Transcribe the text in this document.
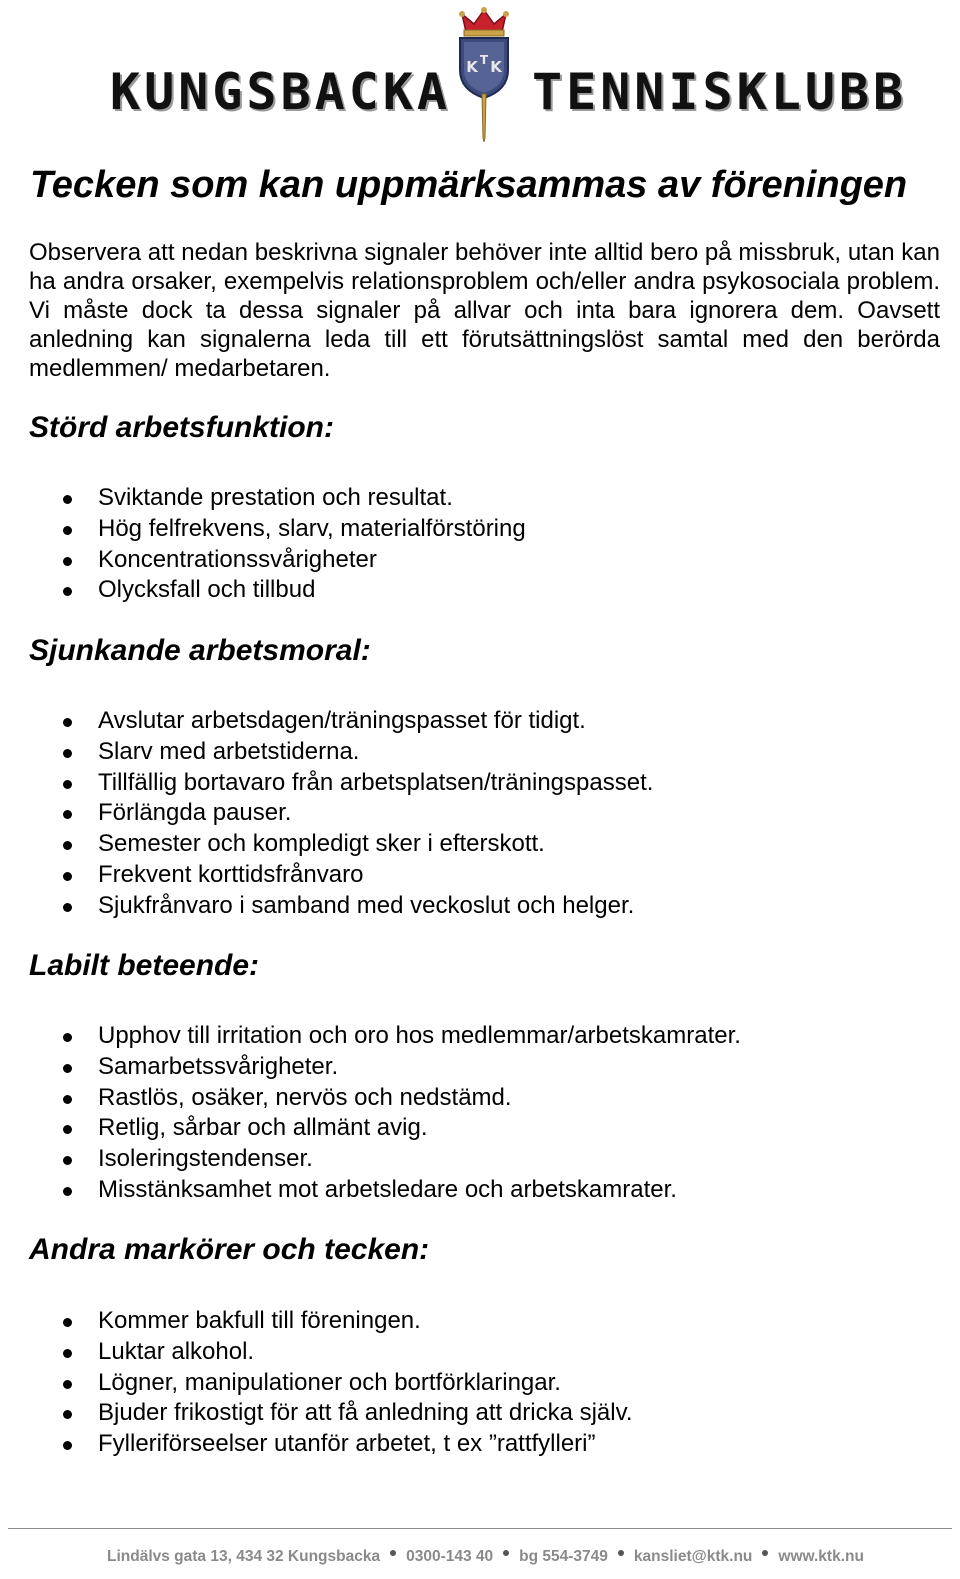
KUNGSBACKA K K
T
TENNISKLUBB
Tecken som kan uppmärksammas av föreningen

Observera att nedan beskrivna signaler behöver inte alltid bero på missbruk, utan kan ha andra orsaker, exempelvis relationsproblem och/eller andra psykosociala problem. Vi måste dock ta dessa signaler på allvar och inta bara ignorera dem. Oavsett anledning kan signalerna leda till ett förutsättningslöst samtal med den berörda medlemmen/ medarbetaren.

Störd arbetsfunktion:
Sviktande prestation och resultat.
Hög felfrekvens, slarv, materialförstöring
Koncentrationssvårigheter
Olycksfall och tillbud
Sjunkande arbetsmoral:
Avslutar arbetsdagen/träningspasset för tidigt.
Slarv med arbetstiderna.
Tillfällig bortavaro från arbetsplatsen/träningspasset.
Förlängda pauser.
Semester och kompledigt sker i efterskott.
Frekvent korttidsfrånvaro
Sjukfrånvaro i samband med veckoslut och helger.
Labilt beteende:
Upphov till irritation och oro hos medlemmar/arbetskamrater.
Samarbetssvårigheter.
Rastlös, osäker, nervös och nedstämd.
Retlig, sårbar och allmänt avig.
Isoleringstendenser.
Misstänksamhet mot arbetsledare och arbetskamrater.
Andra markörer och tecken:
Kommer bakfull till föreningen.
Luktar alkohol.
Lögner, manipulationer och bortförklaringar.
Bjuder frikostigt för att få anledning att dricka själv.
Fylleriförseelser utanför arbetet, t ex ”rattfylleri”
Lindälvs gata 13, 434 32 Kungsbacka 0300-143 40 bg 554-3749 kansliet@ktk.nu www.ktk.nu
